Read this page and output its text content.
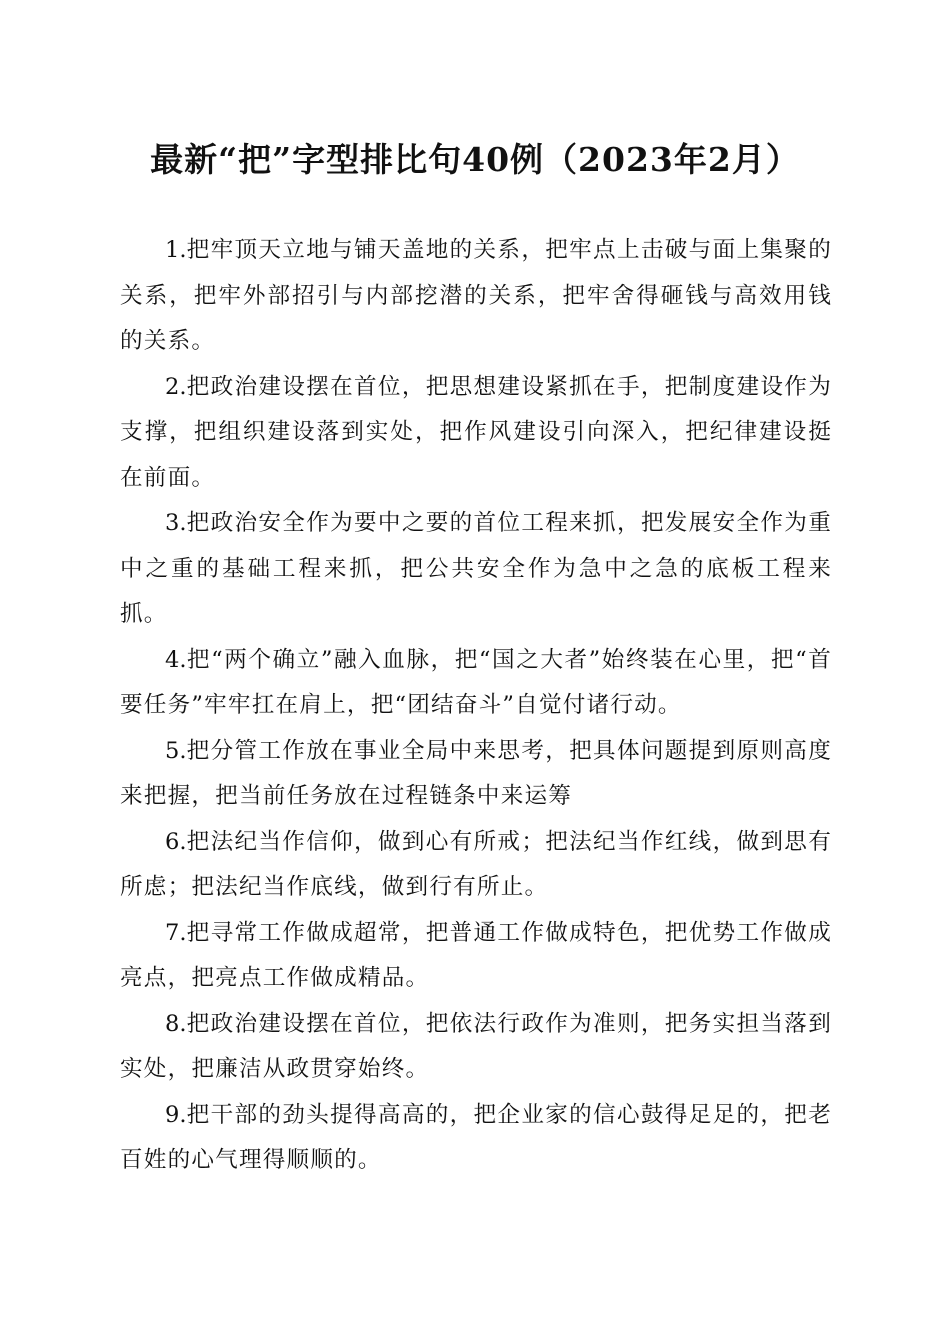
最新“把”字型排比句40例（2023年2月）

1.把牢顶天立地与铺天盖地的关系，把牢点上击破与面上集聚的关系，把牢外部招引与内部挖潜的关系，把牢舍得砸钱与高效用钱的关系。

2.把政治建设摆在首位，把思想建设紧抓在手，把制度建设作为支撑，把组织建设落到实处，把作风建设引向深入，把纪律建设挺在前面。

3.把政治安全作为要中之要的首位工程来抓，把发展安全作为重中之重的基础工程来抓，把公共安全作为急中之急的底板工程来抓。

4.把“两个确立”融入血脉，把“国之大者”始终装在心里，把“首要任务”牢牢扛在肩上，把“团结奋斗”自觉付诸行动。

5.把分管工作放在事业全局中来思考，把具体问题提到原则高度来把握，把当前任务放在过程链条中来运筹

6.把法纪当作信仰，做到心有所戒；把法纪当作红线，做到思有所虑；把法纪当作底线，做到行有所止。

7.把寻常工作做成超常，把普通工作做成特色，把优势工作做成亮点，把亮点工作做成精品。

8.把政治建设摆在首位，把依法行政作为准则，把务实担当落到实处，把廉洁从政贯穿始终。

9.把干部的劲头提得高高的，把企业家的信心鼓得足足的，把老百姓的心气理得顺顺的。
